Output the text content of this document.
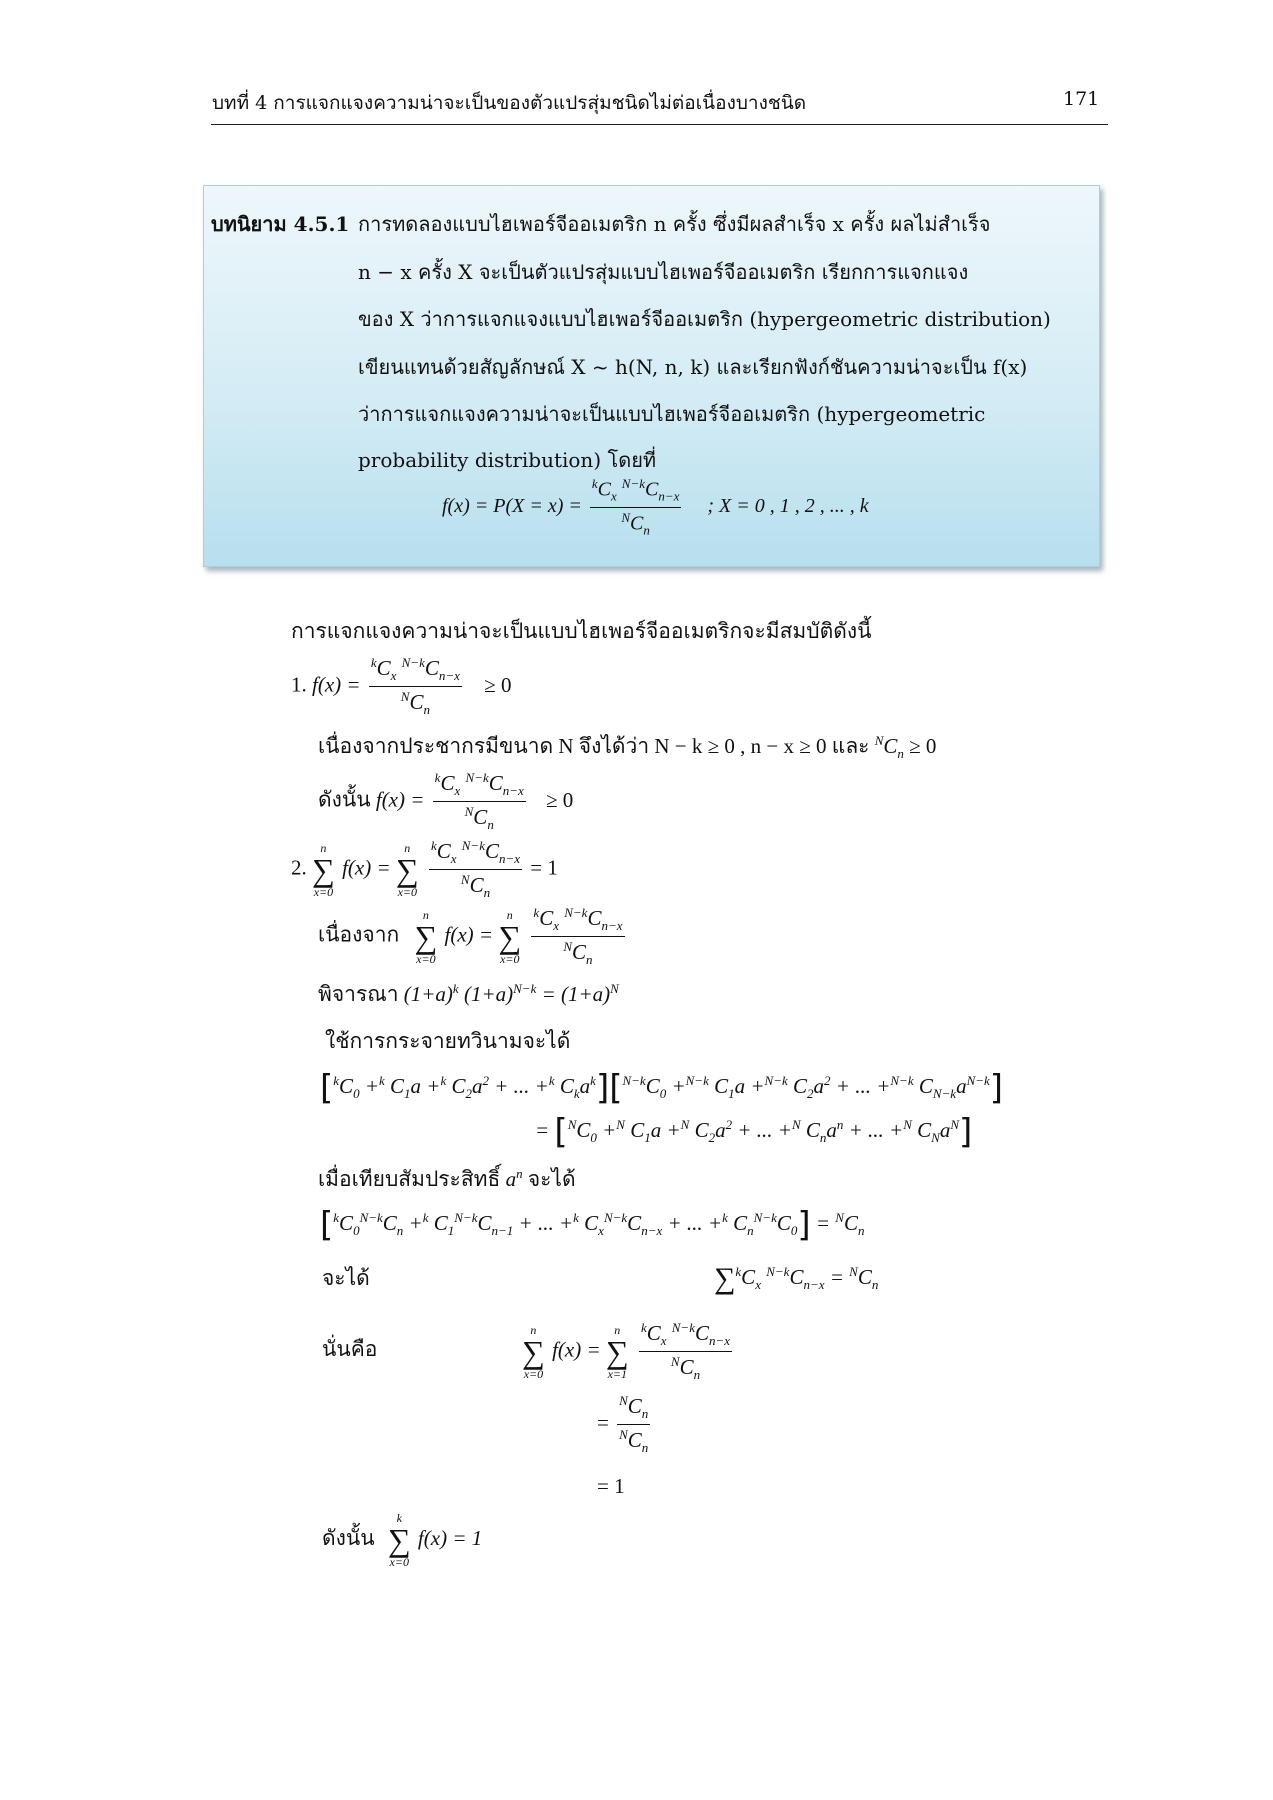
บทที่ 4 การแจกแจงความน่าจะเป็นของตัวแปรสุ่มชนิดไม่ต่อเนื่องบางชนิด	171
บทนิยาม 4.5.1 การทดลองแบบไฮเพอร์จีออเมตริก n ครั้ง ซึ่งมีผลสำเร็จ x ครั้ง ผลไม่สำเร็จ
n − x ครั้ง X จะเป็นตัวแปรสุ่มแบบไฮเพอร์จีออเมตริก เรียกการแจกแจง
ของ X ว่าการแจกแจงแบบไฮเพอร์จีออเมตริก (hypergeometric distribution)
เขียนแทนด้วยสัญลักษณ์ X ~ h(N, n, k) และเรียกฟังก์ชันความน่าจะเป็น f(x)
ว่าการแจกแจงความน่าจะเป็นแบบไฮเพอร์จีออเมตริก (hypergeometric
probability distribution) โดยที่
$f(x) = P(X = x) = \frac{^kC_x ^{N-k}C_{n-x}}{^NC_n}$ ; X = 0 , 1 , 2 , ... , k
การแจกแจงความน่าจะเป็นแบบไฮเพอร์จีออเมตริกจะมีสมบัติดังนี้
1. $f(x) = \frac{^kC_x ^{N-k}C_{n-x}}{^NC_n} \ge 0$
เนื่องจากประชากรมีขนาด N จึงได้ว่า N − k ≥ 0 , n − x ≥ 0 และ $^NC_n \ge 0$
ดังนั้น $f(x) = \frac{^kC_x ^{N-k}C_{n-x}}{^NC_n} \ge 0$
2.
n
∑
x=0
f(x) =
n
∑
x=0
$\frac{^kC_x ^{N-k}C_{n-x}}{^NC_n} = 1$
เนื่องจาก
n
∑
x=0
f(x) =
n
∑
x=0
$\frac{^kC_x ^{N-k}C_{n-x}}{^NC_n}$
พิจารณา $(1+a)^k$ $(1+a)^{N-k} = (1+a)^N$
ใช้การกระจายทวินามจะได้
[$^kC_0 +^k$ $C_1a +^k$ $C_2a^2$ + ... +$^k$ $C_ka^k][^{N-k}C_0 +^{N-k}$ $C_1a +^{N-k}$ $C_2a^2$ + ... +$^{N-k}$ $C_{N-k}a^{N-k}$]
= [$^NC_0 +^N$ $C_1a +^N$ $C_2a^2$ + ... +$^N$ $C_na^n$ + ... +$^N$ $C_Na^N$]
เมื่อเทียบสัมประสิทธิ์ $a^n$ จะได้
[$^kC_0^{N-k}C_n +^k$ $C_1^{N-k}C_{n-1}$ + ... +$^k$ $C_x^{N-k}C_{n-x}$ + ... +$^k$ $C_n^{N-k}C_0] = ^NC_n$
จะได้	$\sum^kC_x$ $^{N-k}C_{n-x} = ^NC_n$
นั่นคือ
n
∑
x=0
f(x) =
n
∑
x=1
$\frac{^kC_x ^{N-k}C_{n-x}}{^NC_n}$
= $\frac{^NC_n}{^NC_n}$
= 1
ดังนั้น
k
∑
x=0
f(x) = 1
